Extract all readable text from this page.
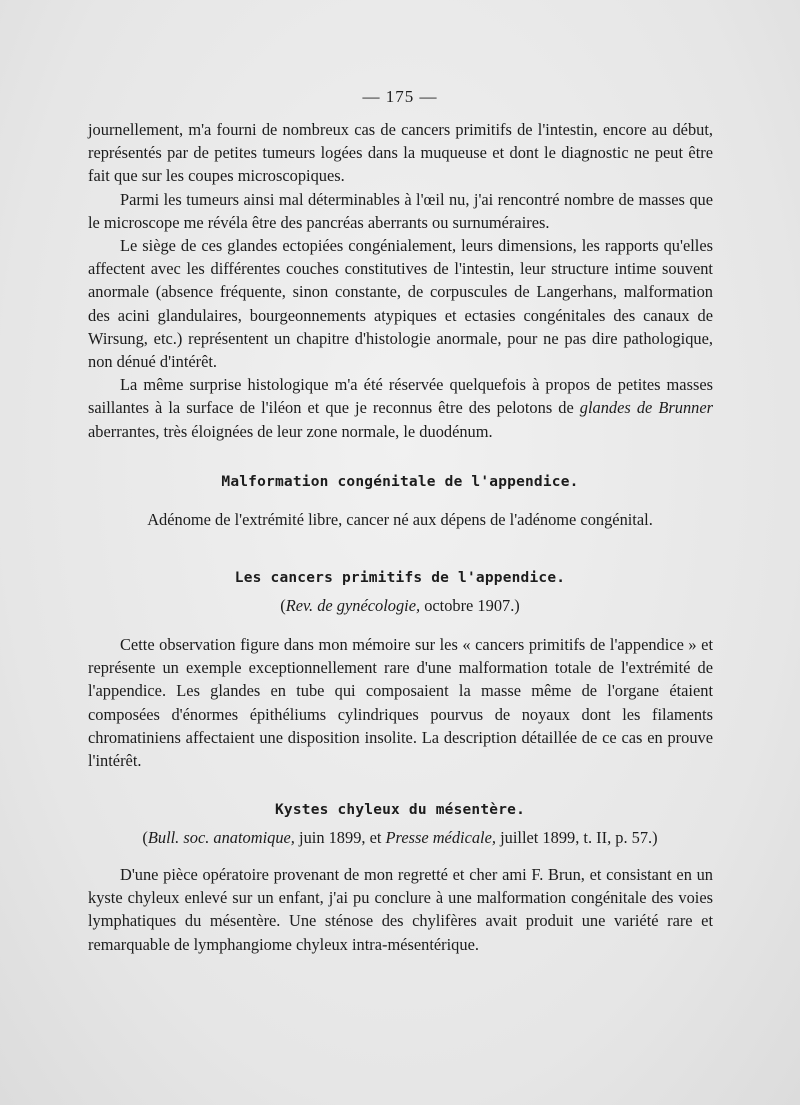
— 175 —

journellement, m'a fourni de nombreux cas de cancers primitifs de l'intestin, encore au début, représentés par de petites tumeurs logées dans la muqueuse et dont le diagnostic ne peut être fait que sur les coupes microscopiques.

Parmi les tumeurs ainsi mal déterminables à l'œil nu, j'ai rencontré nombre de masses que le microscope me révéla être des pancréas aberrants ou surnuméraires.

Le siège de ces glandes ectopiées congénialement, leurs dimensions, les rapports qu'elles affectent avec les différentes couches constitutives de l'intestin, leur structure intime souvent anormale (absence fréquente, sinon constante, de corpuscules de Langerhans, malformation des acini glandulaires, bourgeonnements atypiques et ectasies congénitales des canaux de Wirsung, etc.) représentent un chapitre d'histologie anormale, pour ne pas dire pathologique, non dénué d'intérêt.

La même surprise histologique m'a été réservée quelquefois à propos de petites masses saillantes à la surface de l'iléon et que je reconnus être des pelotons de glandes de Brunner aberrantes, très éloignées de leur zone normale, le duodénum.

Malformation congénitale de l'appendice.
Adénome de l'extrémité libre, cancer né aux dépens de l'adénome congénital.
Les cancers primitifs de l'appendice.
(Rev. de gynécologie, octobre 1907.)

Cette observation figure dans mon mémoire sur les « cancers primitifs de l'appendice » et représente un exemple exceptionnellement rare d'une malformation totale de l'extrémité de l'appendice. Les glandes en tube qui composaient la masse même de l'organe étaient composées d'énormes épithéliums cylindriques pourvus de noyaux dont les filaments chromatiniens affectaient une disposition insolite. La description détaillée de ce cas en prouve l'intérêt.

Kystes chyleux du mésentère.
(Bull. soc. anatomique, juin 1899, et Presse médicale, juillet 1899, t. II, p. 57.)

D'une pièce opératoire provenant de mon regretté et cher ami F. Brun, et consistant en un kyste chyleux enlevé sur un enfant, j'ai pu conclure à une malformation congénitale des voies lymphatiques du mésentère. Une sténose des chylifères avait produit une variété rare et remarquable de lymphangiome chyleux intra-mésentérique.
